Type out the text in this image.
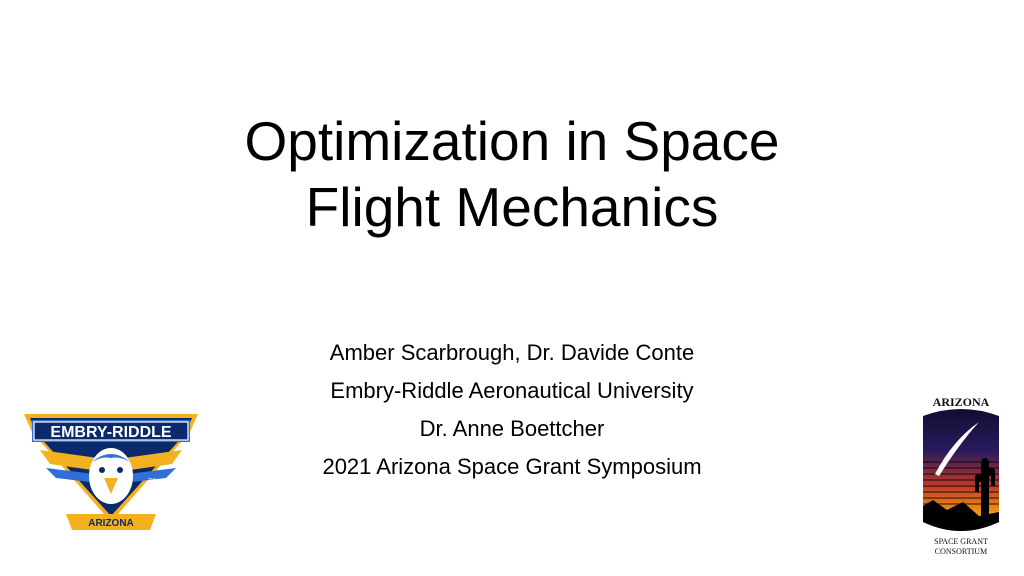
Optimization in Space
Flight Mechanics
Amber Scarbrough, Dr. Davide Conte
Embry-Riddle Aeronautical University
Dr. Anne Boettcher
2021 Arizona Space Grant Symposium
EMBRY-RIDDLE
TM
ARIZONA
ARIZONA
SPACE GRANT
CONSORTIUM
